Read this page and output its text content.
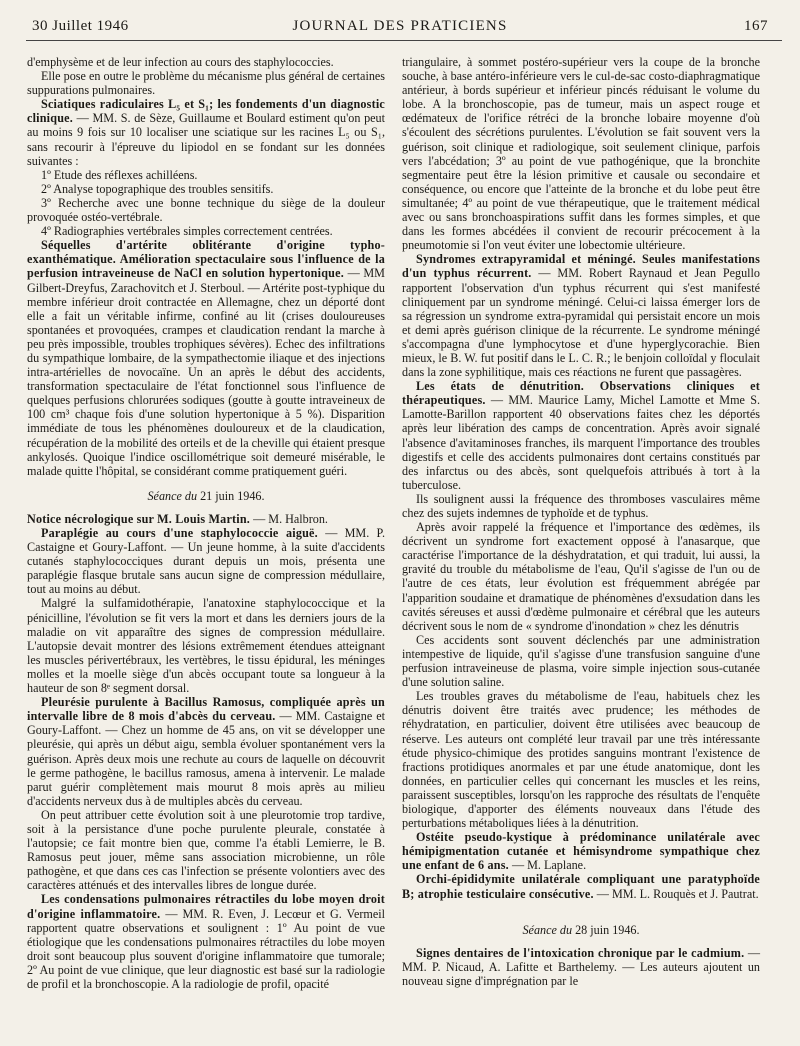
30 Juillet 1946	JOURNAL DES PRATICIENS	167

d'emphysème et de leur infection au cours des staphylococcies.

Elle pose en outre le problème du mécanisme plus général de certaines suppurations pulmonaires.

Sciatiques radiculaires L₅ et S₁; les fondements d'un diagnostic clinique. — MM. S. de Sèze, Guillaume et Boulard estiment qu'on peut au moins 9 fois sur 10 localiser une sciatique sur les racines L₅ ou S₁, sans recourir à l'épreuve du lipiodol en se fondant sur les données suivantes :

1º Etude des réflexes achilléens.

2º Analyse topographique des troubles sensitifs.

3º Recherche avec une bonne technique du siège de la douleur provoquée ostéo-vertébrale.

4º Radiographies vertébrales simples correctement centrées.

Séquelles d'artérite oblitérante d'origine typho-exanthématique. Amélioration spectaculaire sous l'influence de la perfusion intraveineuse de NaCl en solution hypertonique. — MM Gilbert-Dreyfus, Zarachovitch et J. Sterboul. — Artérite post-typhique du membre inférieur droit contractée en Allemagne, chez un déporté dont elle a fait un véritable infirme, confiné au lit (crises douloureuses spontanées et provoquées, crampes et claudication rendant la marche à peu près impossible, troubles trophiques sévères). Echec des infiltrations du sympathique lombaire, de la sympathectomie iliaque et des injections intra-artérielles de novocaïne. Un an après le début des accidents, transformation spectaculaire de l'état fonctionnel sous l'influence de quelques perfusions chlorurées sodiques (goutte à goutte intraveineux de 100 cm³ chaque fois d'une solution hypertonique à 5 %). Disparition immédiate de tous les phénomènes douloureux et de la claudication, récupération de la mobilité des orteils et de la cheville qui étaient presque ankylosés. Quoique l'indice oscillométrique soit demeuré misérable, le malade quitte l'hôpital, se considérant comme pratiquement guéri.

Séance du 21 juin 1946.

Notice nécrologique sur M. Louis Martin. — M. Halbron.

Paraplégie au cours d'une staphylococcie aiguë. — MM. P. Castaigne et Goury-Laffont. — Un jeune homme, à la suite d'accidents cutanés staphylococciques durant depuis un mois, présenta une paraplégie flasque brutale sans aucun signe de compression médullaire, tout au moins au début.

Malgré la sulfamidothérapie, l'anatoxine staphylococcique et la pénicilline, l'évolution se fit vers la mort et dans les derniers jours de la maladie on vit apparaître des signes de compression médullaire. L'autopsie devait montrer des lésions extrêmement étendues atteignant les muscles périvertébraux, les vertèbres, le tissu épidural, les méninges molles et la moelle siège d'un abcès occupant toute sa longueur à la hauteur de son 8ᵉ segment dorsal.

Pleurésie purulente à Bacillus Ramosus, compliquée après un intervalle libre de 8 mois d'abcès du cerveau. — MM. Castaigne et Goury-Laffont. — Chez un homme de 45 ans, on vit se développer une pleurésie, qui après un début aigu, sembla évoluer spontanément vers la guérison. Après deux mois une rechute au cours de laquelle on découvrit le germe pathogène, le bacillus ramosus, amena à intervenir. Le malade parut guérir complètement mais mourut 8 mois après au milieu d'accidents nerveux dus à de multiples abcès du cerveau.

On peut attribuer cette évolution soit à une pleurotomie trop tardive, soit à la persistance d'une poche purulente pleurale, constatée à l'autopsie; ce fait montre bien que, comme l'a établi Lemierre, le B. Ramosus peut jouer, même sans association microbienne, un rôle pathogène, et que dans ces cas l'infection se présente volontiers avec des caractères atténués et des intervalles libres de longue durée.

Les condensations pulmonaires rétractiles du lobe moyen droit d'origine inflammatoire. — MM. R. Even, J. Lecœur et G. Vermeil rapportent quatre observations et soulignent : 1º Au point de vue étiologique que les condensations pulmonaires rétractiles du lobe moyen droit sont beaucoup plus souvent d'origine inflammatoire que tumorale; 2º Au point de vue clinique, que leur diagnostic est basé sur la radiologie de profil et la bronchoscopie. A la radiologie de profil, opacité

triangulaire, à sommet postéro-supérieur vers la coupe de la bronche souche, à base antéro-inférieure vers le cul-de-sac costo-diaphragmatique antérieur, à bords supérieur et inférieur pincés réduisant le volume du lobe. A la bronchoscopie, pas de tumeur, mais un aspect rouge et œdémateux de l'orifice rétréci de la bronche lobaire moyenne d'où s'écoulent des sécrétions purulentes. L'évolution se fait souvent vers la guérison, soit clinique et radiologique, soit seulement clinique, parfois vers l'abcédation; 3º au point de vue pathogénique, que la bronchite segmentaire peut être la lésion primitive et causale ou secondaire et conséquence, ou encore que l'atteinte de la bronche et du lobe peut être simultanée; 4º au point de vue thérapeutique, que le traitement médical avec ou sans bronchoaspirations suffit dans les formes simples, et que dans les formes abcédées il convient de recourir précocement à la pneumotomie si l'on veut éviter une lobectomie ultérieure.

Syndromes extrapyramidal et méningé. Seules manifestations d'un typhus récurrent. — MM. Robert Raynaud et Jean Pegullo rapportent l'observation d'un typhus récurrent qui s'est manifesté cliniquement par un syndrome méningé. Celui-ci laissa émerger lors de sa régression un syndrome extra-pyramidal qui persistait encore un mois et demi après guérison clinique de la récurrente. Le syndrome méningé s'accompagna d'une lymphocytose et d'une hyperglycorachie. Bien mieux, le B. W. fut positif dans le L. C. R.; le benjoin colloïdal y floculait dans la zone syphilitique, mais ces réactions ne furent que passagères.

Les états de dénutrition. Observations cliniques et thérapeutiques. — MM. Maurice Lamy, Michel Lamotte et Mme S. Lamotte-Barillon rapportent 40 observations faites chez les déportés après leur libération des camps de concentration. Après avoir signalé l'absence d'avitaminoses franches, ils marquent l'importance des troubles digestifs et celle des accidents pulmonaires dont certains constitués par des infarctus ou des abcès, sont quelquefois attribués à tort à la tuberculose.

Ils soulignent aussi la fréquence des thromboses vasculaires même chez des sujets indemnes de typhoïde et de typhus.

Après avoir rappelé la fréquence et l'importance des œdèmes, ils décrivent un syndrome fort exactement opposé à l'anasarque, que caractérise l'importance de la déshydratation, et qui traduit, lui aussi, la gravité du trouble du métabolisme de l'eau, Qu'il s'agisse de l'un ou de l'autre de ces états, leur évolution est fréquemment abrégée par l'apparition soudaine et dramatique de phénomènes d'exsudation dans les cavités séreuses et aussi d'œdème pulmonaire et cérébral que les auteurs décrivent sous le nom de « syndrome d'inondation » chez les dénutris

Ces accidents sont souvent déclenchés par une administration intempestive de liquide, qu'il s'agisse d'une transfusion sanguine d'une perfusion intraveineuse de plasma, voire simple injection sous-cutanée d'une solution saline.

Les troubles graves du métabolisme de l'eau, habituels chez les dénutris doivent être traités avec prudence; les méthodes de réhydratation, en particulier, doivent être utilisées avec beaucoup de réserve. Les auteurs ont complété leur travail par une très intéressante étude physico-chimique des protides sanguins montrant l'existence de fractions protidiques anormales et par une étude anatomique, dont les données, en particulier celles qui concernant les muscles et les reins, paraissent susceptibles, lorsqu'on les rapproche des résultats de l'enquête biologique, d'apporter des éléments nouveaux dans l'étude des perturbations métaboliques liées à la dénutrition.

Ostéite pseudo-kystique à prédominance unilatérale avec hémipigmentation cutanée et hémisyndrome sympathique chez une enfant de 6 ans. — M. Laplane.

Orchi-épididymite unilatérale compliquant une paratyphoïde B; atrophie testiculaire consécutive. — MM. L. Rouquès et J. Pautrat.

Séance du 28 juin 1946.

Signes dentaires de l'intoxication chronique par le cadmium. — MM. P. Nicaud, A. Lafitte et Barthelemy. — Les auteurs ajoutent un nouveau signe d'imprégnation par le
